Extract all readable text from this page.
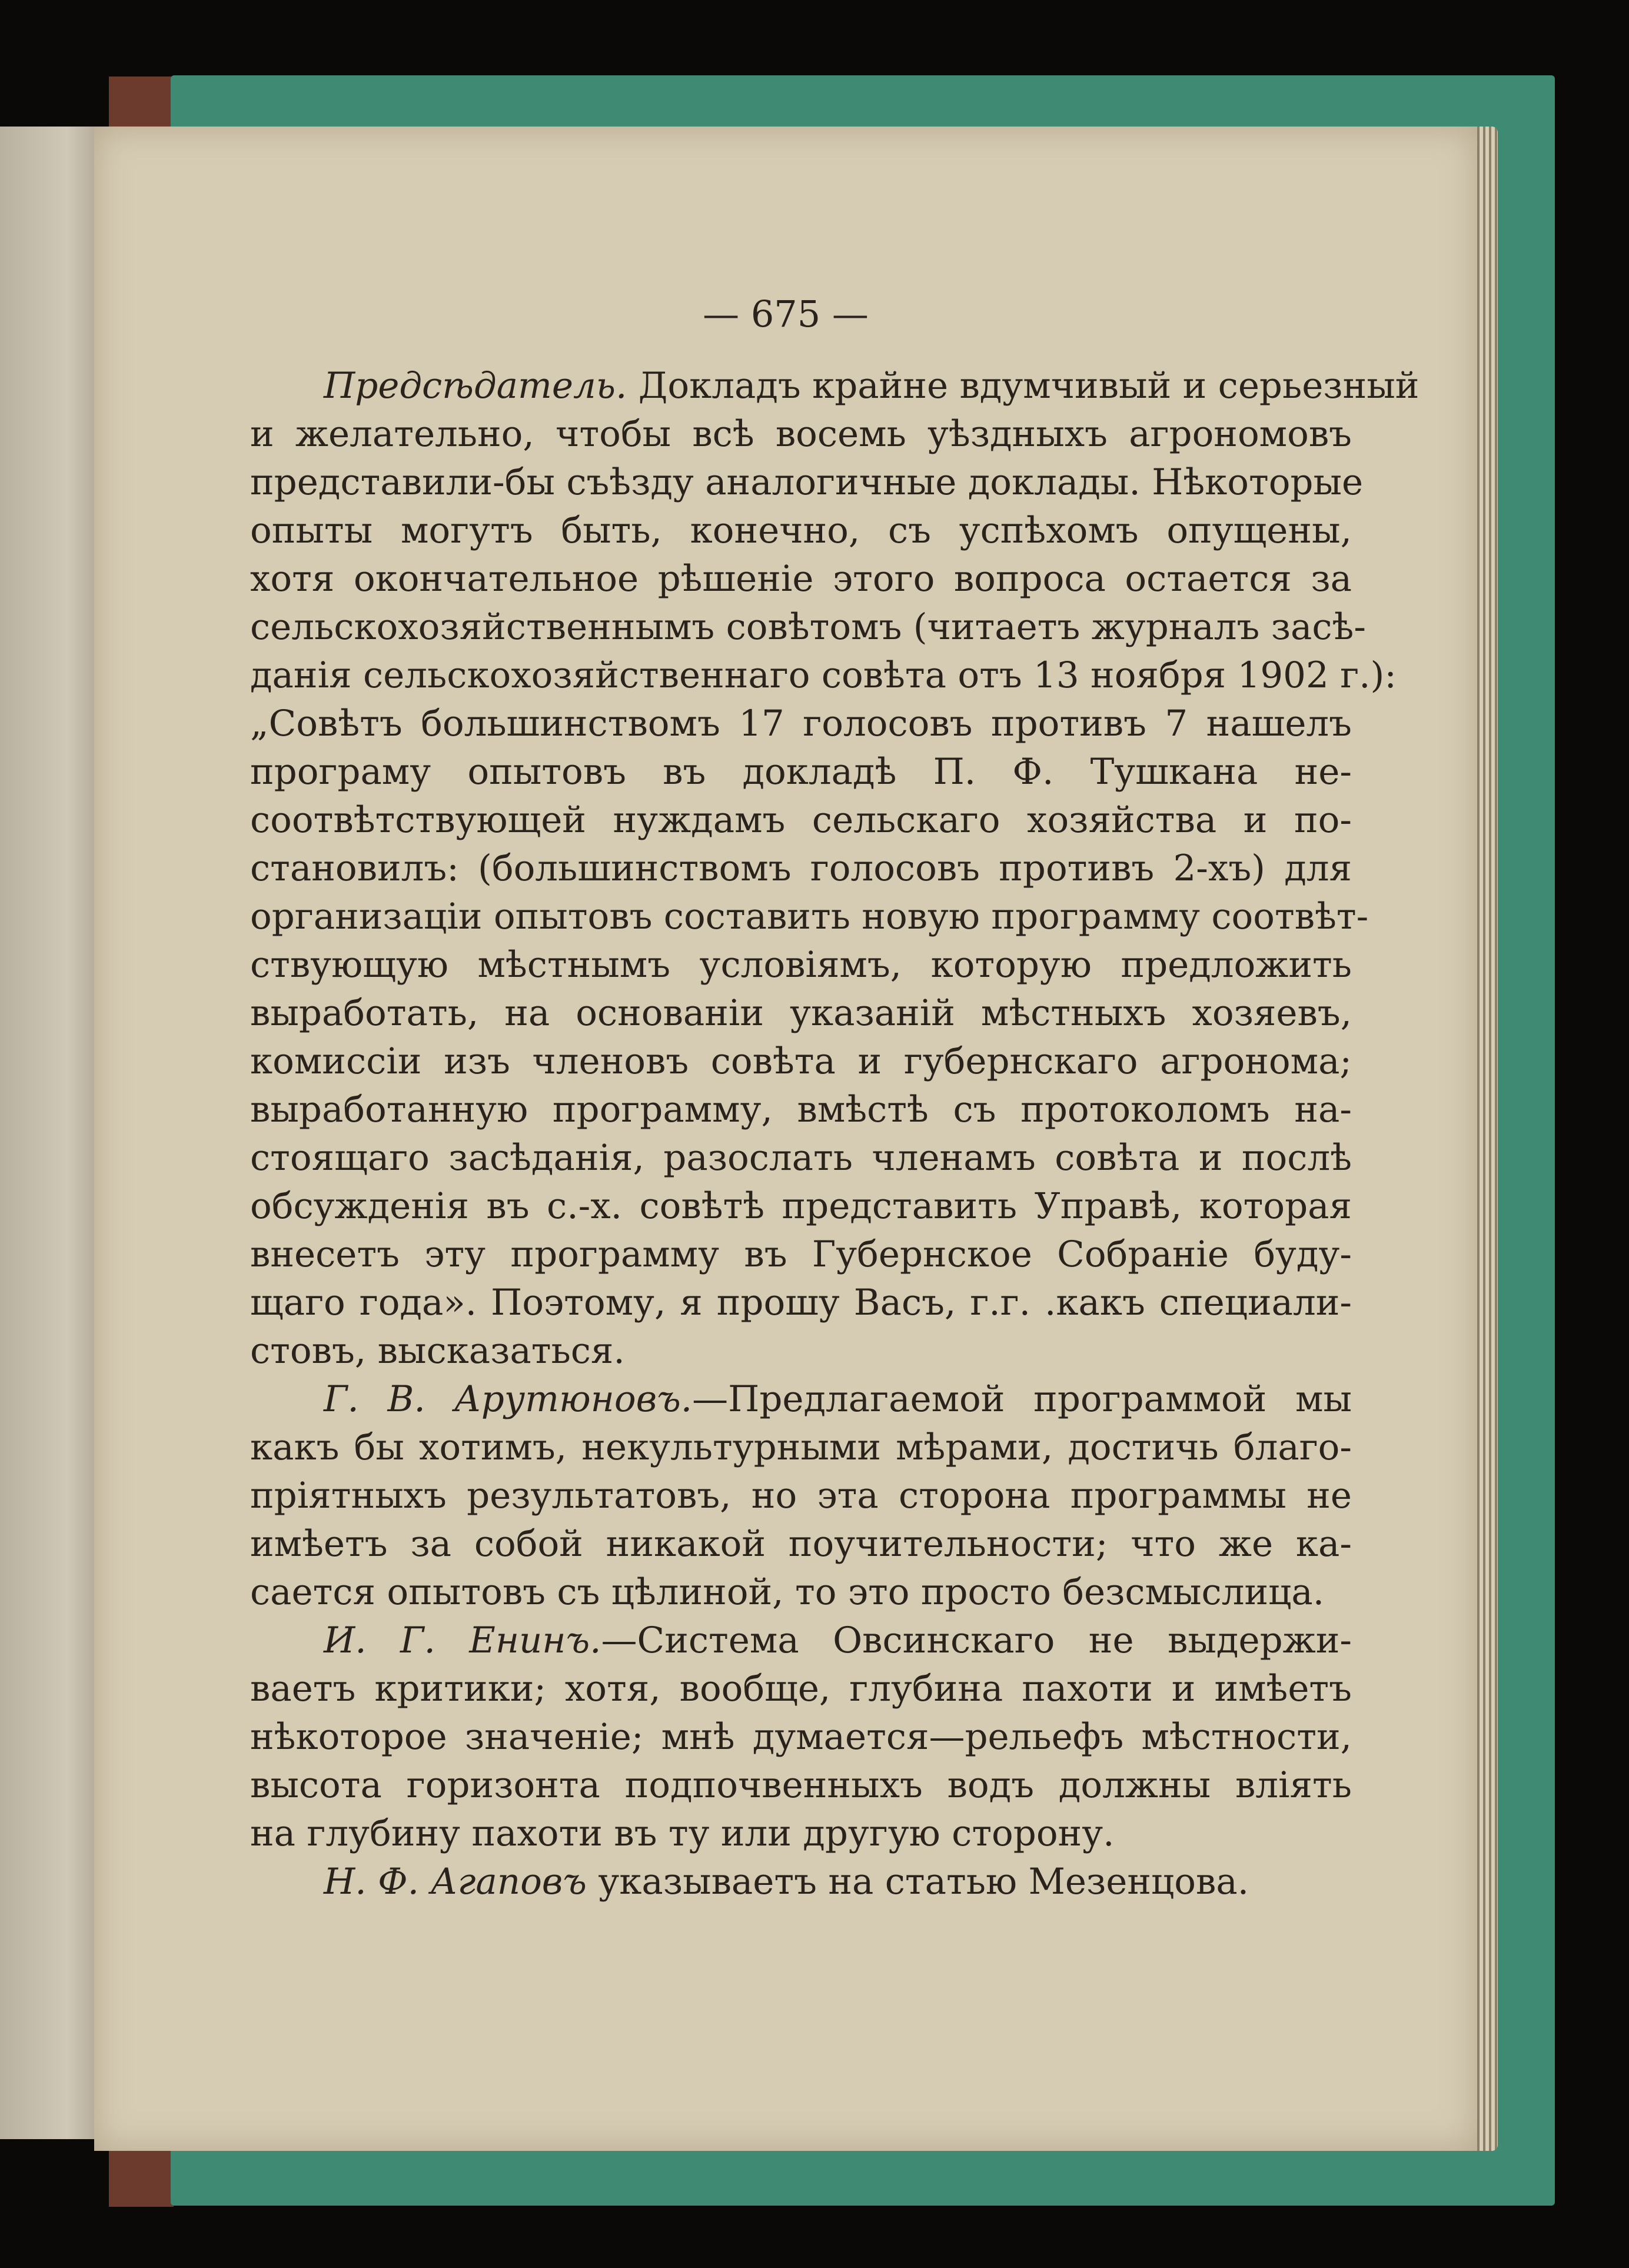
— 675 —
Предсѣдатель. Докладъ крайне вдумчивый и серьезный
и желательно, чтобы всѣ восемь уѣздныхъ агрономовъ
представили-бы съѣзду аналогичные доклады. Нѣкоторые
опыты могутъ быть, конечно, съ успѣхомъ опущены,
хотя окончательное рѣшеніе этого вопроса остается за
сельскохозяйственнымъ совѣтомъ (читаетъ журналъ засѣ-
данія сельскохозяйственнаго совѣта отъ 13 ноября 1902 г.):
„Совѣтъ большинствомъ 17 голосовъ противъ 7 нашелъ
програму опытовъ въ докладѣ П. Ф. Тушкана не-
соотвѣтствующей нуждамъ сельскаго хозяйства и по-
становилъ: (большинствомъ голосовъ противъ 2-хъ) для
организаціи опытовъ составить новую программу соотвѣт-
ствующую мѣстнымъ условіямъ, которую предложить
выработать, на основаніи указаній мѣстныхъ хозяевъ,
комиссіи изъ членовъ совѣта и губернскаго агронома;
выработанную программу, вмѣстѣ съ протоколомъ на-
стоящаго засѣданія, разослать членамъ совѣта и послѣ
обсужденія въ с.-х. совѣтѣ представить Управѣ, которая
внесетъ эту программу въ Губернское Собраніе буду-
щаго года». Поэтому, я прошу Васъ, г.г. .какъ специали-
стовъ, высказаться.
Г. В. Арутюновъ.—Предлагаемой программой мы
какъ бы хотимъ, некультурными мѣрами, достичь благо-
пріятныхъ результатовъ, но эта сторона программы не
имѣетъ за собой никакой поучительности; что же ка-
сается опытовъ съ цѣлиной, то это просто безсмыслица.
И. Г. Енинъ.—Система Овсинскаго не выдержи-
ваетъ критики; хотя, вообще, глубина пахоти и имѣетъ
нѣкоторое значеніе; мнѣ думается—рельефъ мѣстности,
высота горизонта подпочвенныхъ водъ должны влiять
на глубину пахоти въ ту или другую сторону.
Н. Ф. Агаповъ указываетъ на статью Мезенцова.
